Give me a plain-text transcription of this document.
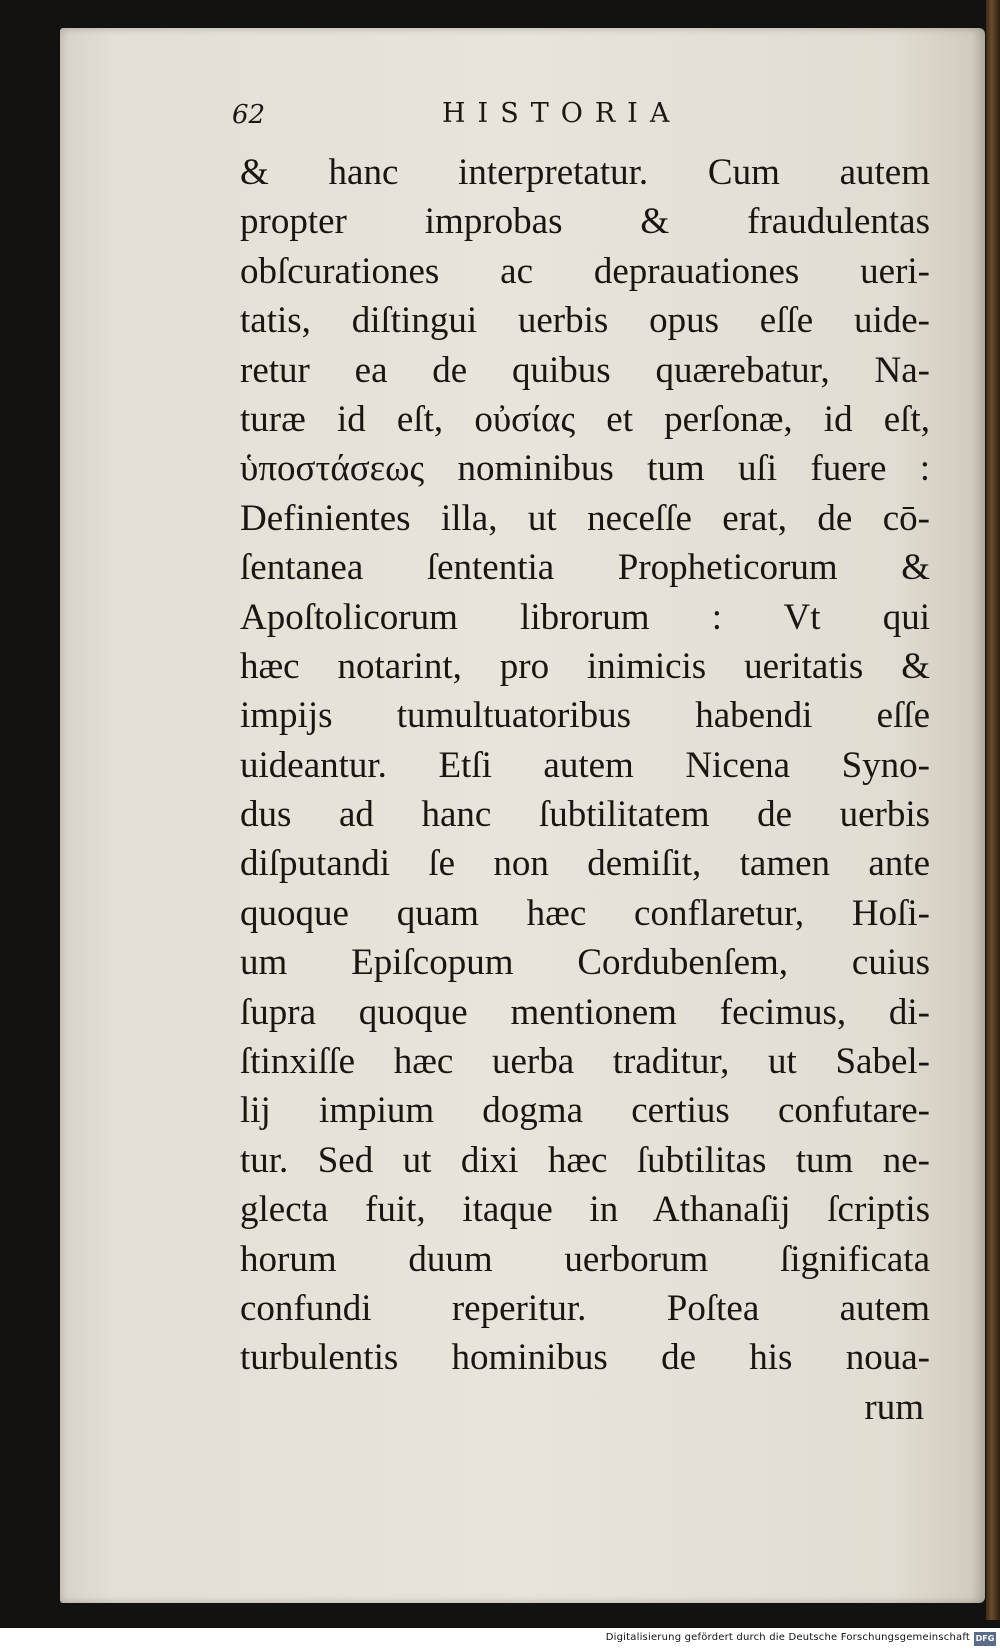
62	HISTORIA
& hanc interpretatur. Cum autem
propter improbas & fraudulentas
obſcurationes ac deprauationes ueri-
tatis, diſtingui uerbis opus eſſe uide-
retur ea de quibus quærebatur, Na-
turæ id eſt, οὐσίας et perſonæ, id eſt,
ὑποστάσεως nominibus tum uſi fuere :
Definientes illa, ut neceſſe erat, de cō-
ſentanea ſententia Propheticorum &
Apoſtolicorum librorum : Vt qui
hæc notarint, pro inimicis ueritatis &
impijs tumultuatoribus habendi eſſe
uideantur. Etſi autem Nicena Syno-
dus ad hanc ſubtilitatem de uerbis
diſputandi ſe non demiſit, tamen ante
quoque quam hæc conflaretur, Hoſi-
um Epiſcopum Cordubenſem, cuius
ſupra quoque mentionem fecimus, di-
ſtinxiſſe hæc uerba traditur, ut Sabel-
lij impium dogma certius confutare-
tur. Sed ut dixi hæc ſubtilitas tum ne-
glecta fuit, itaque in Athanaſij ſcriptis
horum duum uerborum ſignificata
confundi reperitur. Poſtea autem
turbulentis hominibus de his noua-
rum
Digitalisierung gefördert durch die Deutsche Forschungsgemeinschaft DFG
